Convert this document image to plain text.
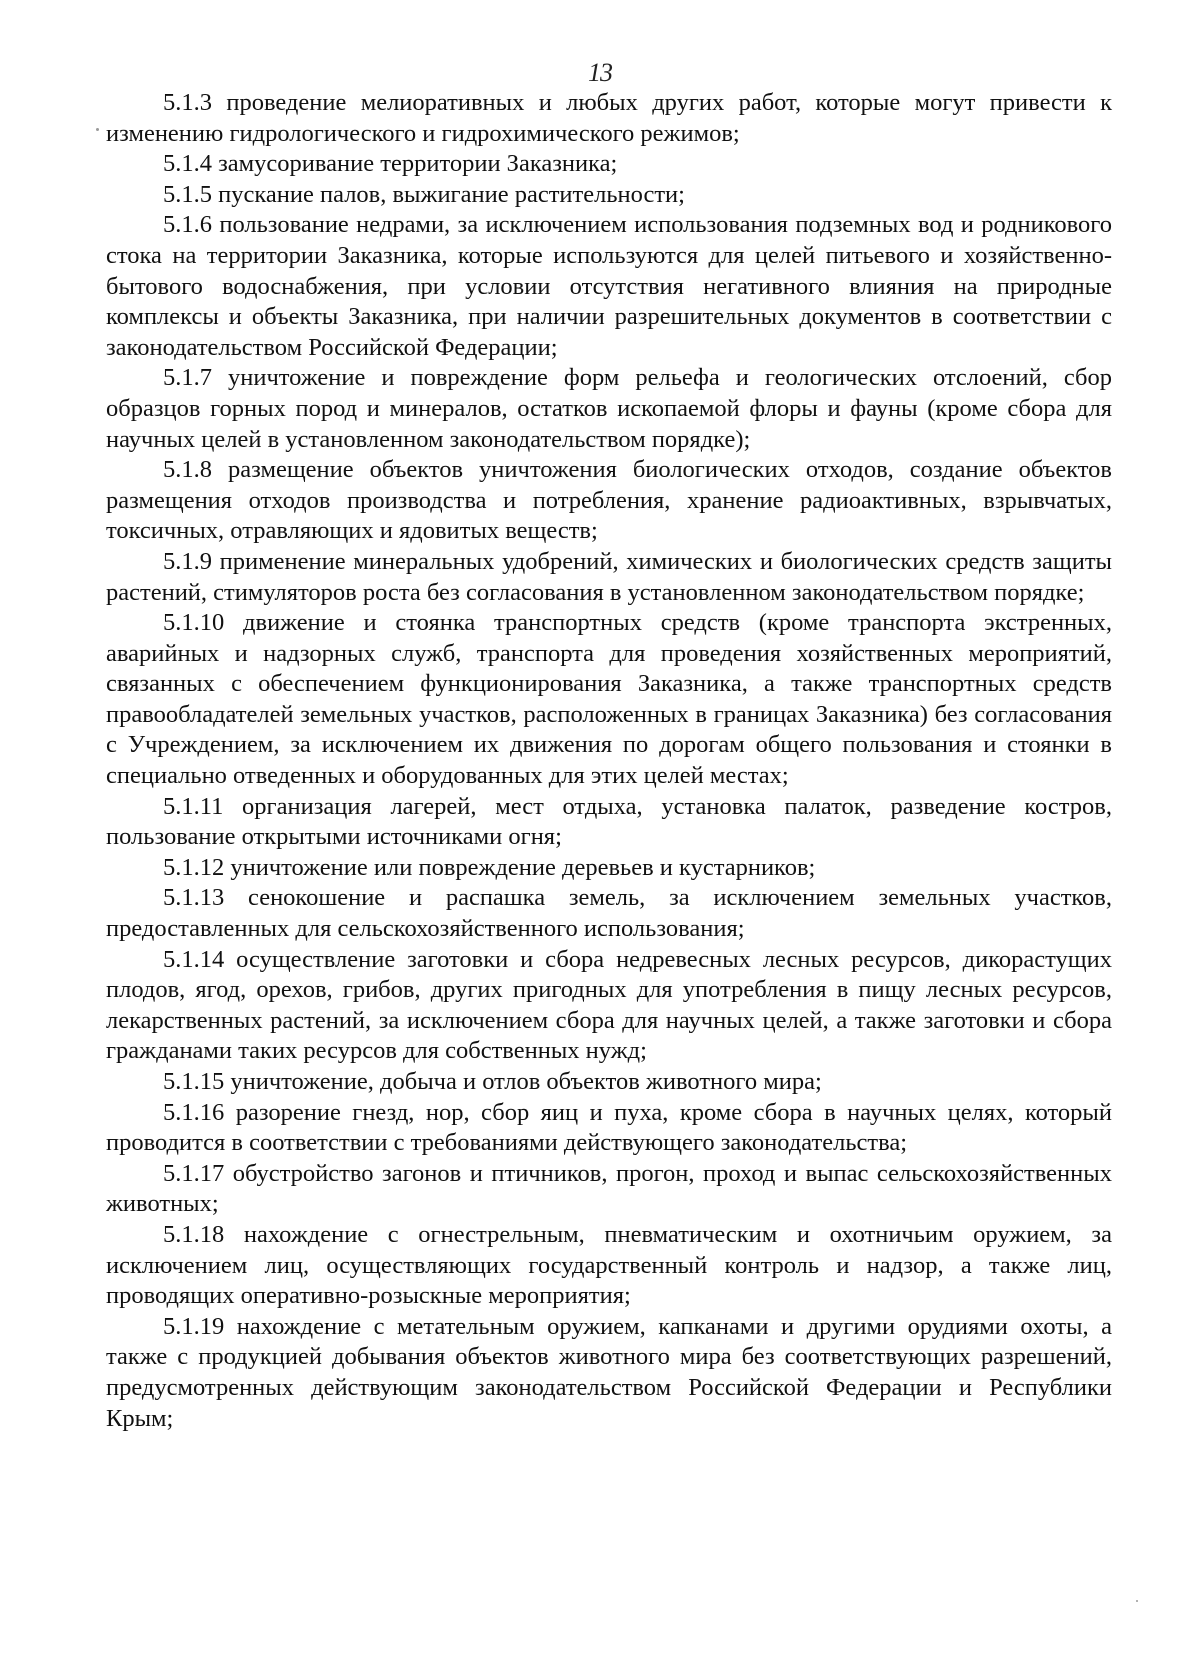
13

5.1.3 проведение мелиоративных и любых других работ, которые могут привести к изменению гидрологического и гидрохимического режимов;

5.1.4 замусоривание территории Заказника;

5.1.5 пускание палов, выжигание растительности;

5.1.6 пользование недрами, за исключением использования подземных вод и родникового стока на территории Заказника, которые используются для целей питьевого и хозяйственно-бытового водоснабжения, при условии отсутствия негативного влияния на природные комплексы и объекты Заказника, при наличии разрешительных документов в соответствии с законодательством Российской Федерации;

5.1.7 уничтожение и повреждение форм рельефа и геологических отслоений, сбор образцов горных пород и минералов, остатков ископаемой флоры и фауны (кроме сбора для научных целей в установленном законодательством порядке);

5.1.8 размещение объектов уничтожения биологических отходов, создание объектов размещения отходов производства и потребления, хранение радиоактивных, взрывчатых, токсичных, отравляющих и ядовитых веществ;

5.1.9 применение минеральных удобрений, химических и биологических средств защиты растений, стимуляторов роста без согласования в установленном законодательством порядке;

5.1.10 движение и стоянка транспортных средств (кроме транспорта экстренных, аварийных и надзорных служб, транспорта для проведения хозяйственных мероприятий, связанных с обеспечением функционирования Заказника, а также транспортных средств правообладателей земельных участков, расположенных в границах Заказника) без согласования с Учреждением, за исключением их движения по дорогам общего пользования и стоянки в специально отведенных и оборудованных для этих целей местах;

5.1.11 организация лагерей, мест отдыха, установка палаток, разведение костров, пользование открытыми источниками огня;

5.1.12 уничтожение или повреждение деревьев и кустарников;

5.1.13 сенокошение и распашка земель, за исключением земельных участков, предоставленных для сельскохозяйственного использования;

5.1.14 осуществление заготовки и сбора недревесных лесных ресурсов, дикорастущих плодов, ягод, орехов, грибов, других пригодных для употребления в пищу лесных ресурсов, лекарственных растений, за исключением сбора для научных целей, а также заготовки и сбора гражданами таких ресурсов для собственных нужд;

5.1.15 уничтожение, добыча и отлов объектов животного мира;

5.1.16 разорение гнезд, нор, сбор яиц и пуха, кроме сбора в научных целях, который проводится в соответствии с требованиями действующего законодательства;

5.1.17 обустройство загонов и птичников, прогон, проход и выпас сельскохозяйственных животных;

5.1.18 нахождение с огнестрельным, пневматическим и охотничьим оружием, за исключением лиц, осуществляющих государственный контроль и надзор, а также лиц, проводящих оперативно-розыскные мероприятия;

5.1.19 нахождение с метательным оружием, капканами и другими орудиями охоты, а также с продукцией добывания объектов животного мира без соответствующих разрешений, предусмотренных действующим законодательством Российской Федерации и Республики Крым;
